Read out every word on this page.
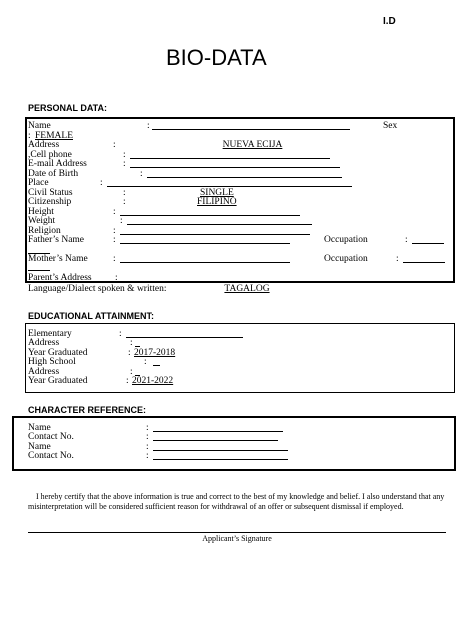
I.D
BIO-DATA
PERSONAL DATA:
Name	:	Sex
: FEMALE
Address	:	NUEVA ECIJA
,Cell phone	:
E-mail Address	:
Date of Birth	:
Place	:
Civil Status	:	SINGLE
Citizenship	:	FILIPINO
Height	:
Weight	:
Religion	:
Father’s Name	:	Occupation	:
Mother’s Name	:	Occupation	:
Parent’s Address :
Language/Dialect spoken & written:	TAGALOG
EDUCATIONAL ATTAINMENT:
Elementary	:
Address	:
Year Graduated	: 2017-2018
High School	:
Address	:
Year Graduated	: 2021-2022
CHARACTER REFERENCE:
Name	:
Contact No.	:
Name	:
Contact No.	:
I hereby certify that the above information is true and correct to the best of my knowledge and belief. I also understand that any misinterpretation will be considered sufficient reason for withdrawal of an offer or subsequent dismissal if employed.
Applicant’s Signature
